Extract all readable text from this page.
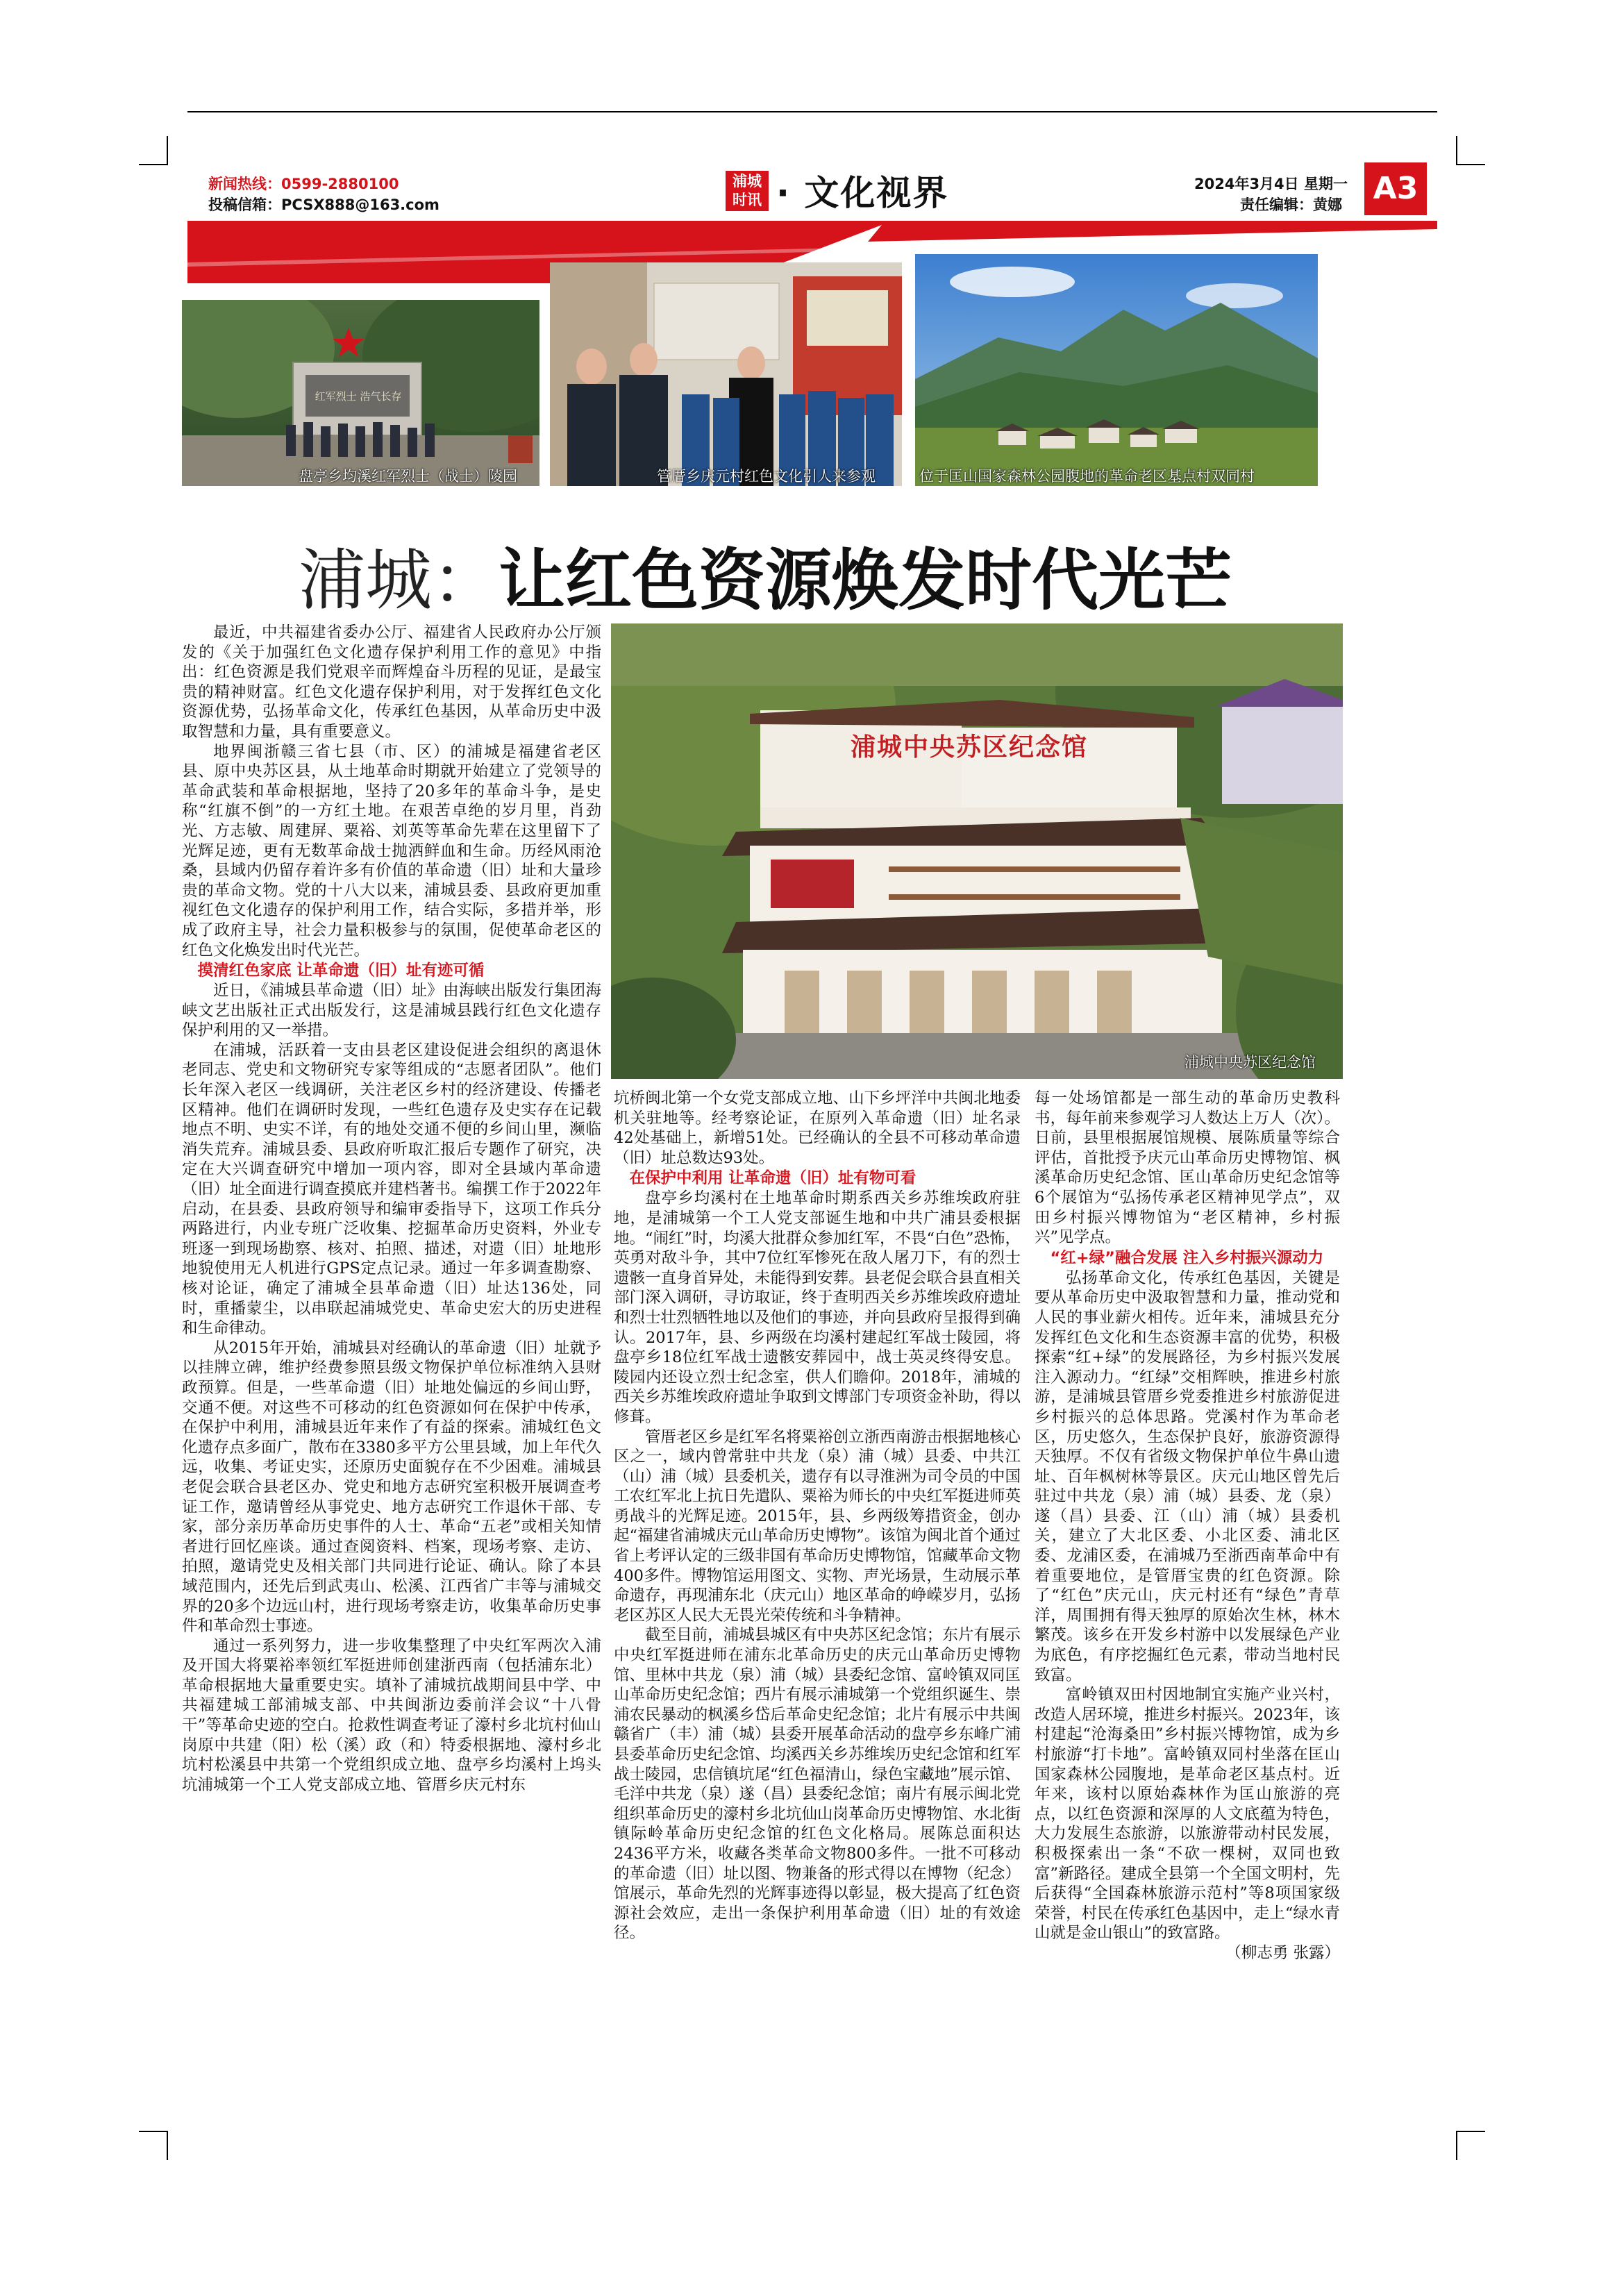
新闻热线：0599-2880100
投稿信箱：PCSX888@163.com
浦城
时讯 · 文化视界	2024年3月4日 星期一
责任编辑：黄娜 A3
红军烈士 浩气长存
盘亭乡均溪红军烈士（战士）陵园	管厝乡庆元村红色文化引人来参观	位于匡山国家森林公园腹地的革命老区基点村双同村
浦城：让红色资源焕发时代光芒
浦城中央苏区纪念馆
浦城中央苏区纪念馆

最近，中共福建省委办公厅、福建省人民政府办公厅颁发的《关于加强红色文化遗存保护利用工作的意见》中指出：红色资源是我们党艰辛而辉煌奋斗历程的见证，是最宝贵的精神财富。红色文化遗存保护利用，对于发挥红色文化资源优势，弘扬革命文化，传承红色基因，从革命历史中汲取智慧和力量，具有重要意义。

地界闽浙赣三省七县（市、区）的浦城是福建省老区县、原中央苏区县，从土地革命时期就开始建立了党领导的革命武装和革命根据地，坚持了20多年的革命斗争，是史称“红旗不倒”的一方红土地。在艰苦卓绝的岁月里，肖劲光、方志敏、周建屏、粟裕、刘英等革命先辈在这里留下了光辉足迹，更有无数革命战士抛洒鲜血和生命。历经风雨沧桑，县域内仍留存着许多有价值的革命遗（旧）址和大量珍贵的革命文物。党的十八大以来，浦城县委、县政府更加重视红色文化遗存的保护利用工作，结合实际，多措并举，形成了政府主导，社会力量积极参与的氛围，促使革命老区的红色文化焕发出时代光芒。

摸清红色家底 让革命遗（旧）址有迹可循

近日，《浦城县革命遗（旧）址》由海峡出版发行集团海峡文艺出版社正式出版发行，这是浦城县践行红色文化遗存保护利用的又一举措。

在浦城，活跃着一支由县老区建设促进会组织的离退休老同志、党史和文物研究专家等组成的“志愿者团队”。他们长年深入老区一线调研，关注老区乡村的经济建设、传播老区精神。他们在调研时发现，一些红色遗存及史实存在记载地点不明、史实不详，有的地处交通不便的乡间山里，濒临消失荒弃。浦城县委、县政府听取汇报后专题作了研究，决定在大兴调查研究中增加一项内容，即对全县域内革命遗（旧）址全面进行调查摸底并建档著书。编撰工作于2022年启动，在县委、县政府领导和编审委指导下，这项工作兵分两路进行，内业专班广泛收集、挖掘革命历史资料，外业专班逐一到现场勘察、核对、拍照、描述，对遗（旧）址地形地貌使用无人机进行GPS定点记录。通过一年多调查勘察、核对论证，确定了浦城全县革命遗（旧）址达136处，同时，重播蒙尘，以串联起浦城党史、革命史宏大的历史进程和生命律动。

从2015年开始，浦城县对经确认的革命遗（旧）址就予以挂牌立碑，维护经费参照县级文物保护单位标准纳入县财政预算。但是，一些革命遗（旧）址地处偏远的乡间山野，交通不便。对这些不可移动的红色资源如何在保护中传承，在保护中利用，浦城县近年来作了有益的探索。浦城红色文化遗存点多面广，散布在3380多平方公里县域，加上年代久远，收集、考证史实，还原历史面貌存在不少困难。浦城县老促会联合县老区办、党史和地方志研究室积极开展调查考证工作，邀请曾经从事党史、地方志研究工作退休干部、专家，部分亲历革命历史事件的人士、革命“五老”或相关知情者进行回忆座谈。通过查阅资料、档案，现场考察、走访、拍照，邀请党史及相关部门共同进行论证、确认。除了本县域范围内，还先后到武夷山、松溪、江西省广丰等与浦城交界的20多个边远山村，进行现场考察走访，收集革命历史事件和革命烈士事迹。

通过一系列努力，进一步收集整理了中央红军两次入浦及开国大将粟裕率领红军挺进师创建浙西南（包括浦东北）革命根据地大量重要史实。填补了浦城抗战期间县中学、中共福建城工部浦城支部、中共闽浙边委前洋会议“十八骨干”等革命史迹的空白。抢救性调查考证了濠村乡北坑村仙山岗原中共建（阳）松（溪）政（和）特委根据地、濠村乡北坑村松溪县中共第一个党组织成立地、盘亭乡均溪村上坞头坑浦城第一个工人党支部成立地、管厝乡庆元村东

坑桥闽北第一个女党支部成立地、山下乡坪洋中共闽北地委机关驻地等。经考察论证，在原列入革命遗（旧）址名录42处基础上，新增51处。已经确认的全县不可移动革命遗（旧）址总数达93处。

在保护中利用 让革命遗（旧）址有物可看

盘亭乡均溪村在土地革命时期系西关乡苏维埃政府驻地，是浦城第一个工人党支部诞生地和中共广浦县委根据地。“闹红”时，均溪大批群众参加红军，不畏“白色”恐怖，英勇对敌斗争，其中7位红军惨死在敌人屠刀下，有的烈士遗骸一直身首异处，未能得到安葬。县老促会联合县直相关部门深入调研，寻访取证，终于查明西关乡苏维埃政府遗址和烈士壮烈牺牲地以及他们的事迹，并向县政府呈报得到确认。2017年，县、乡两级在均溪村建起红军战士陵园，将盘亭乡18位红军战士遗骸安葬园中，战士英灵终得安息。陵园内还设立烈士纪念室，供人们瞻仰。2018年，浦城的西关乡苏维埃政府遗址争取到文博部门专项资金补助，得以修葺。

管厝老区乡是红军名将粟裕创立浙西南游击根据地核心区之一，域内曾常驻中共龙（泉）浦（城）县委、中共江（山）浦（城）县委机关，遗存有以寻淮洲为司令员的中国工农红军北上抗日先遣队、粟裕为师长的中央红军挺进师英勇战斗的光辉足迹。2015年，县、乡两级筹措资金，创办起“福建省浦城庆元山革命历史博物”。该馆为闽北首个通过省上考评认定的三级非国有革命历史博物馆，馆藏革命文物400多件。博物馆运用图文、实物、声光场景，生动展示革命遗存，再现浦东北（庆元山）地区革命的峥嵘岁月，弘扬老区苏区人民大无畏光荣传统和斗争精神。

截至目前，浦城县城区有中央苏区纪念馆；东片有展示中央红军挺进师在浦东北革命历史的庆元山革命历史博物馆、里林中共龙（泉）浦（城）县委纪念馆、富岭镇双同匡山革命历史纪念馆；西片有展示浦城第一个党组织诞生、崇浦农民暴动的枫溪乡岱后革命史纪念馆；北片有展示中共闽赣省广（丰）浦（城）县委开展革命活动的盘亭乡东峰广浦县委革命历史纪念馆、均溪西关乡苏维埃历史纪念馆和红军战士陵园，忠信镇坑尾“红色福清山，绿色宝藏地”展示馆、毛洋中共龙（泉）遂（昌）县委纪念馆；南片有展示闽北党组织革命历史的濠村乡北坑仙山岗革命历史博物馆、水北街镇际岭革命历史纪念馆的红色文化格局。展陈总面积达2436平方米，收藏各类革命文物800多件。一批不可移动的革命遗（旧）址以图、物兼备的形式得以在博物（纪念）馆展示，革命先烈的光辉事迹得以彰显，极大提高了红色资源社会效应，走出一条保护利用革命遗（旧）址的有效途径。

每一处场馆都是一部生动的革命历史教科书，每年前来参观学习人数达上万人（次）。日前，县里根据展馆规模、展陈质量等综合评估，首批授予庆元山革命历史博物馆、枫溪革命历史纪念馆、匡山革命历史纪念馆等6个展馆为“弘扬传承老区精神见学点”，双田乡村振兴博物馆为“老区精神，乡村振兴”见学点。

“红+绿”融合发展 注入乡村振兴源动力

弘扬革命文化，传承红色基因，关键是要从革命历史中汲取智慧和力量，推动党和人民的事业薪火相传。近年来，浦城县充分发挥红色文化和生态资源丰富的优势，积极探索“红+绿”的发展路径，为乡村振兴发展注入源动力。“红绿”交相辉映，推进乡村旅游，是浦城县管厝乡党委推进乡村旅游促进乡村振兴的总体思路。党溪村作为革命老区，历史悠久，生态保护良好，旅游资源得天独厚。不仅有省级文物保护单位牛鼻山遗址、百年枫树林等景区。庆元山地区曾先后驻过中共龙（泉）浦（城）县委、龙（泉）遂（昌）县委、江（山）浦（城）县委机关，建立了大北区委、小北区委、浦北区委、龙浦区委，在浦城乃至浙西南革命中有着重要地位，是管厝宝贵的红色资源。除了“红色”庆元山，庆元村还有“绿色”青草洋，周围拥有得天独厚的原始次生林，林木繁茂。该乡在开发乡村游中以发展绿色产业为底色，有序挖掘红色元素，带动当地村民致富。

富岭镇双田村因地制宜实施产业兴村，改造人居环境，推进乡村振兴。2023年，该村建起“沧海桑田”乡村振兴博物馆，成为乡村旅游“打卡地”。富岭镇双同村坐落在匡山国家森林公园腹地，是革命老区基点村。近年来，该村以原始森林作为匡山旅游的亮点，以红色资源和深厚的人文底蕴为特色，大力发展生态旅游，以旅游带动村民发展，积极探索出一条“不砍一棵树，双同也致富”新路径。建成全县第一个全国文明村，先后获得“全国森林旅游示范村”等8项国家级荣誉，村民在传承红色基因中，走上“绿水青山就是金山银山”的致富路。

（柳志勇 张露）
